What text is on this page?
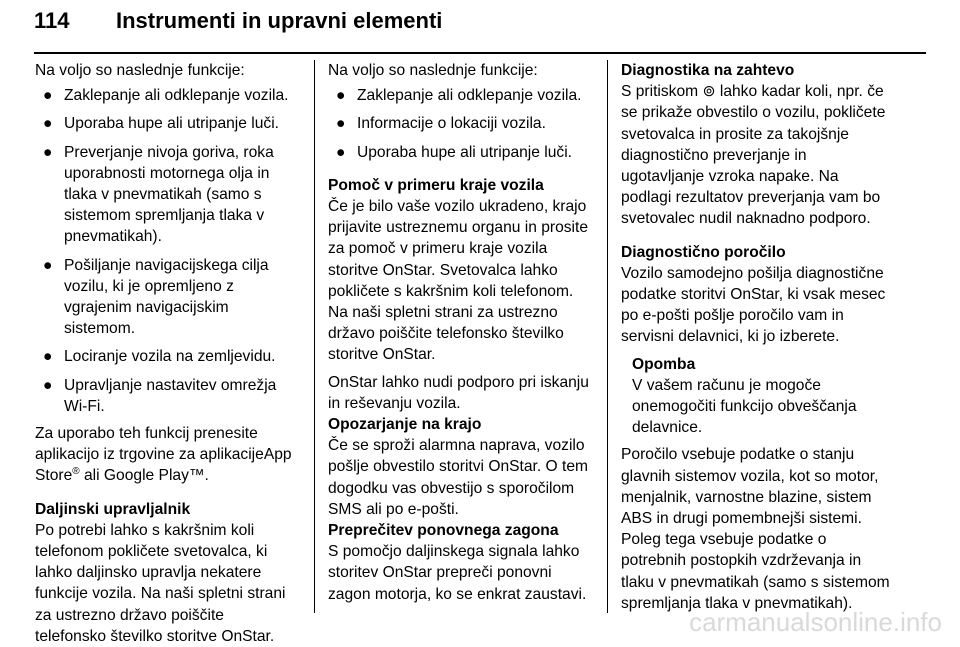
114 Instrumenti in upravni elementi

Na voljo so naslednje funkcije:

● Zaklepanje ali odklepanje vozila.
● Uporaba hupe ali utripanje luči.
● Preverjanje nivoja goriva, roka uporabnosti motornega olja in tlaka v pnevmatikah (samo s sistemom spremljanja tlaka v pnevmatikah).
● Pošiljanje navigacijskega cilja vozilu, ki je opremljeno z vgrajenim navigacijskim sistemom.
● Lociranje vozila na zemljevidu.
● Upravljanje nastavitev omrežja Wi-Fi.

Za uporabo teh funkcij prenesite aplikacijo iz trgovine za aplikacijeApp Store® ali Google Play™.

Daljinski upravljalnik

Po potrebi lahko s kakršnim koli telefonom pokličete svetovalca, ki lahko daljinsko upravlja nekatere funkcije vozila. Na naši spletni strani za ustrezno državo poiščite telefonsko številko storitve OnStar.

Na voljo so naslednje funkcije:

● Zaklepanje ali odklepanje vozila.
● Informacije o lokaciji vozila.
● Uporaba hupe ali utripanje luči.

Pomoč v primeru kraje vozila

Če je bilo vaše vozilo ukradeno, krajo prijavite ustreznemu organu in prosite za pomoč v primeru kraje vozila storitve OnStar. Svetovalca lahko pokličete s kakršnim koli telefonom. Na naši spletni strani za ustrezno državo poiščite telefonsko številko storitve OnStar.

OnStar lahko nudi podporo pri iskanju in reševanju vozila.

Opozarjanje na krajo

Če se sproži alarmna naprava, vozilo pošlje obvestilo storitvi OnStar. O tem dogodku vas obvestijo s sporočilom SMS ali po e-pošti.

Preprečitev ponovnega zagona

S pomočjo daljinskega signala lahko storitev OnStar prepreči ponovni zagon motorja, ko se enkrat zaustavi.

Diagnostika na zahtevo

S pritiskom ⊚ lahko kadar koli, npr. če se prikaže obvestilo o vozilu, pokličete svetovalca in prosite za takojšnje diagnostično preverjanje in ugotavljanje vzroka napake. Na podlagi rezultatov preverjanja vam bo svetovalec nudil naknadno podporo.

Diagnostično poročilo

Vozilo samodejno pošilja diagnostične podatke storitvi OnStar, ki vsak mesec po e-pošti pošlje poročilo vam in servisni delavnici, ki jo izberete.

Opomba

V vašem računu je mogoče onemogočiti funkcijo obveščanja delavnice.

Poročilo vsebuje podatke o stanju glavnih sistemov vozila, kot so motor, menjalnik, varnostne blazine, sistem ABS in drugi pomembnejši sistemi. Poleg tega vsebuje podatke o potrebnih postopkih vzdrževanja in tlaku v pnevmatikah (samo s sistemom spremljanja tlaka v pnevmatikah).

carmanualsonline.info
